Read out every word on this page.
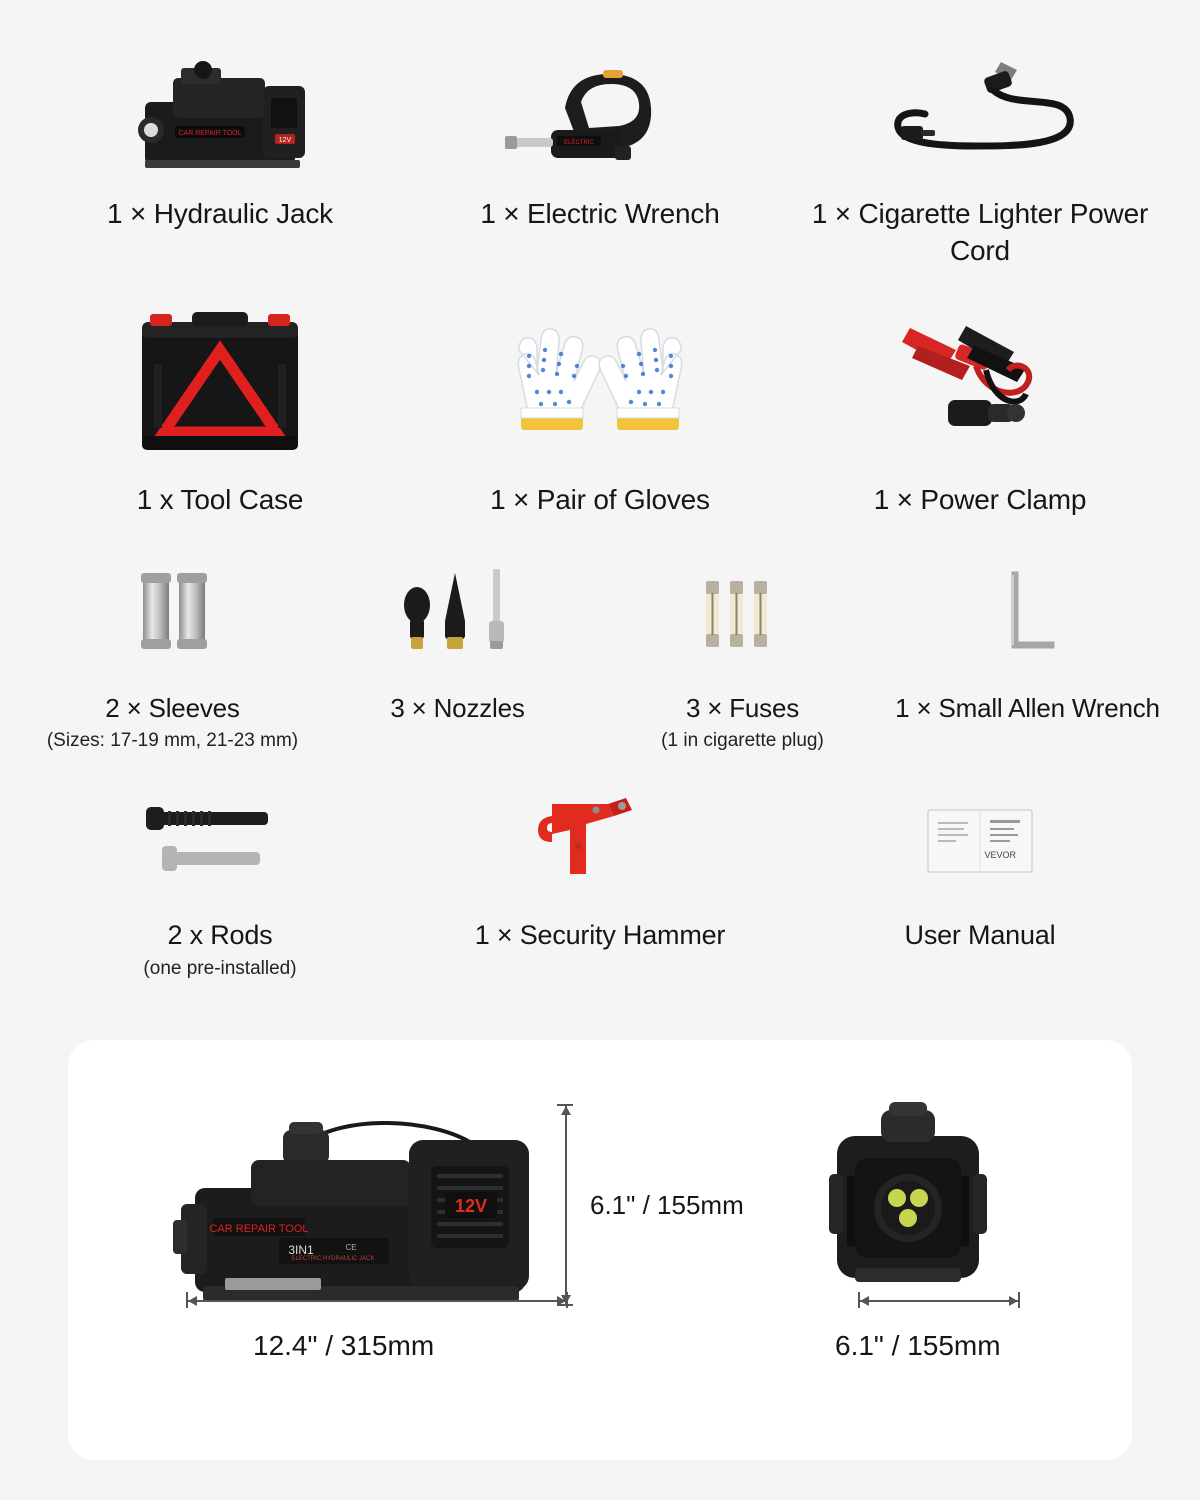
12V
CAR REPAIR TOOL
1 × Hydraulic Jack
ELECTRIC
1 × Electric Wrench	1 × Cigarette Lighter Power Cord
1 x Tool Case	1 × Pair of Gloves	1 × Power Clamp
2 × Sleeves
(Sizes: 17-19 mm, 21-23 mm)
3 × Nozzles	3 × Fuses
(1 in cigarette plug)
1 × Small Allen Wrench
2 x Rods
(one pre-installed)
1 × Security Hammer
VEVOR
User Manual
12V
CAR REPAIR TOOL
3IN1	CE
ELECTRIC HYDRAULIC JACK
6.1" / 155mm
12.4" / 315mm	6.1" / 155mm
